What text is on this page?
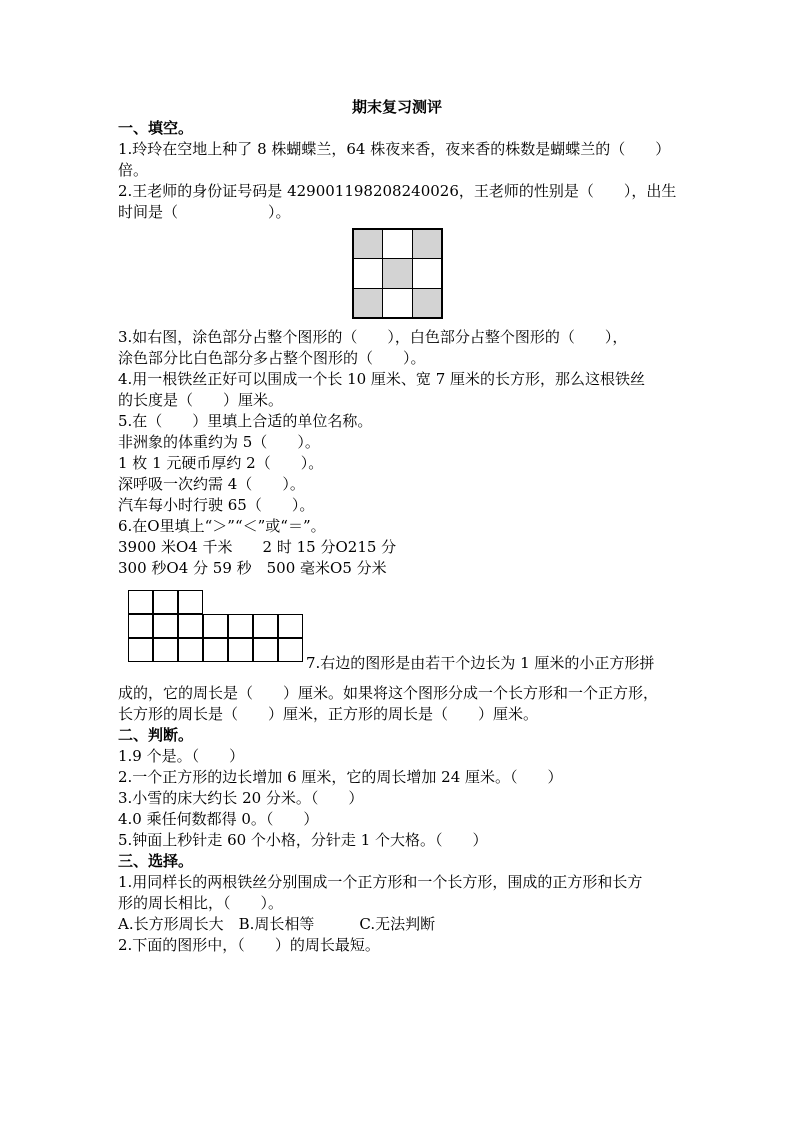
期末复习测评
一、填空。
1.玲玲在空地上种了 8 株蝴蝶兰，64 株夜来香，夜来香的株数是蝴蝶兰的（　　）
倍。
2.王老师的身份证号码是 429001198208240026，王老师的性别是（　　），出生
时间是（　　　　　　）。
3.如右图，涂色部分占整个图形的（　　），白色部分占整个图形的（　　），
涂色部分比白色部分多占整个图形的（　　）。
4.用一根铁丝正好可以围成一个长 10 厘米、宽 7 厘米的长方形，那么这根铁丝
的长度是（　　）厘米。
5.在（　　）里填上合适的单位名称。
非洲象的体重约为 5（　　）。
1 枚 1 元硬币厚约 2（　　）。
深呼吸一次约需 4（　　）。
汽车每小时行驶 65（　　）。
6.在O里填上“＞”“＜”或“＝”。
3900 米O4 千米　　2 时 15 分O215 分
300 秒O4 分 59 秒　500 毫米O5 分米
7.右边的图形是由若干个边长为 1 厘米的小正方形拼
成的，它的周长是（　　）厘米。如果将这个图形分成一个长方形和一个正方形，
长方形的周长是（　　）厘米，正方形的周长是（　　）厘米。
二、判断。
1.9 个是。（　　）
2.一个正方形的边长增加 6 厘米，它的周长增加 24 厘米。（　　）
3.小雪的床大约长 20 分米。（　　）
4.0 乘任何数都得 0。（　　）
5.钟面上秒针走 60 个小格，分针走 1 个大格。（　　）
三、选择。
1.用同样长的两根铁丝分别围成一个正方形和一个长方形，围成的正方形和长方
形的周长相比，（　　）。
A.长方形周长大　B.周长相等　　　C.无法判断
2.下面的图形中，（　　）的周长最短。
